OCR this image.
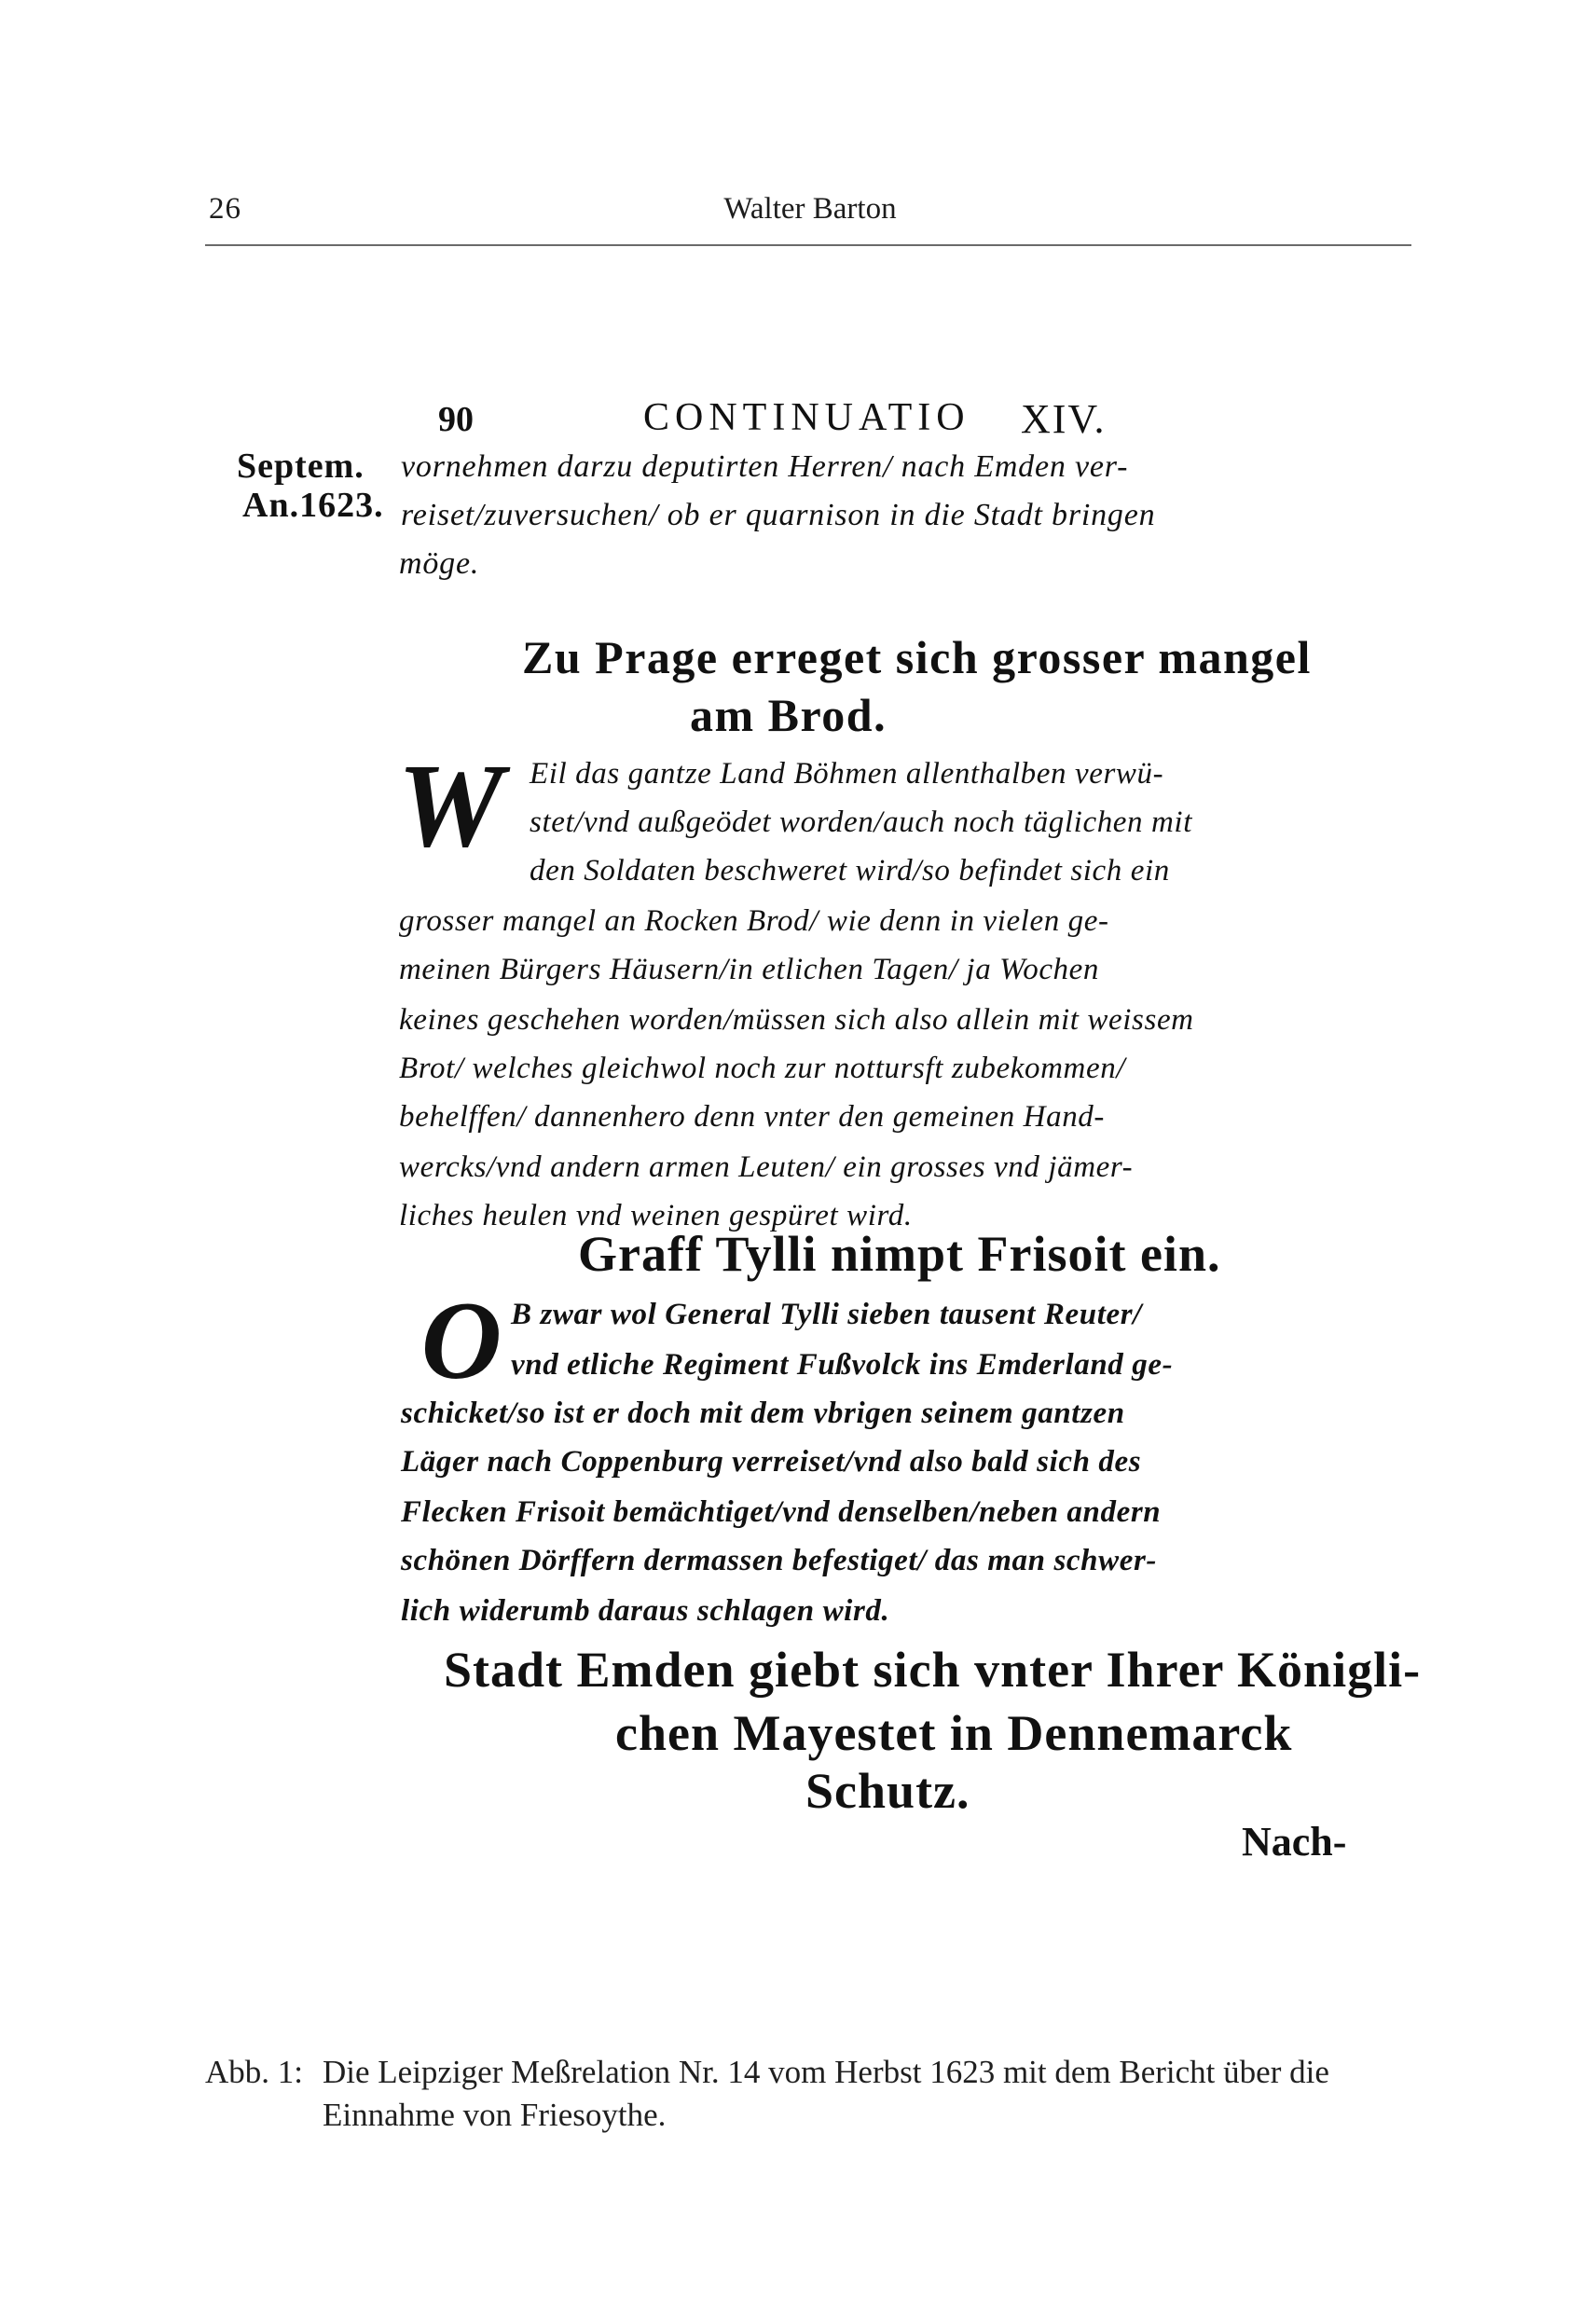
26	Walter Barton
90	CONTINUATIO XIV.
Septem.
An.1623.
vornehmen darzu deputirten Herren/ nach Emden ver-
reiset/zuversuchen/ ob er quarnison in die Stadt bringen
möge.
Zu Prage erreget sich grosser mangel
am Brod.
W Eil das gantze Land Böhmen allenthalben verwü-
stet/vnd außgeödet worden/auch noch täglichen mit
den Soldaten beschweret wird/so befindet sich ein
grosser mangel an Rocken Brod/ wie denn in vielen ge-
meinen Bürgers Häusern/in etlichen Tagen/ ja Wochen
keines geschehen worden/müssen sich also allein mit weissem
Brot/ welches gleichwol noch zur nottursft zubekommen/
behelffen/ dannenhero denn vnter den gemeinen Hand-
wercks/vnd andern armen Leuten/ ein grosses vnd jämer-
liches heulen vnd weinen gespüret wird.
Graff Tylli nimpt Frisoit ein.
O B zwar wol General Tylli sieben tausent Reuter/
vnd etliche Regiment Fußvolck ins Emderland ge-
schicket/so ist er doch mit dem vbrigen seinem gantzen
Läger nach Coppenburg verreiset/vnd also bald sich des
Flecken Frisoit bemächtiget/vnd denselben/neben andern
schönen Dörffern dermassen befestiget/ das man schwer-
lich widerumb daraus schlagen wird.
Stadt Emden giebt sich vnter Ihrer Königli-
chen Mayestet in Dennemarck
Schutz.
Nach-
Abb. 1: Die Leipziger Meßrelation Nr. 14 vom Herbst 1623 mit dem Bericht über die
Einnahme von Friesoythe.
